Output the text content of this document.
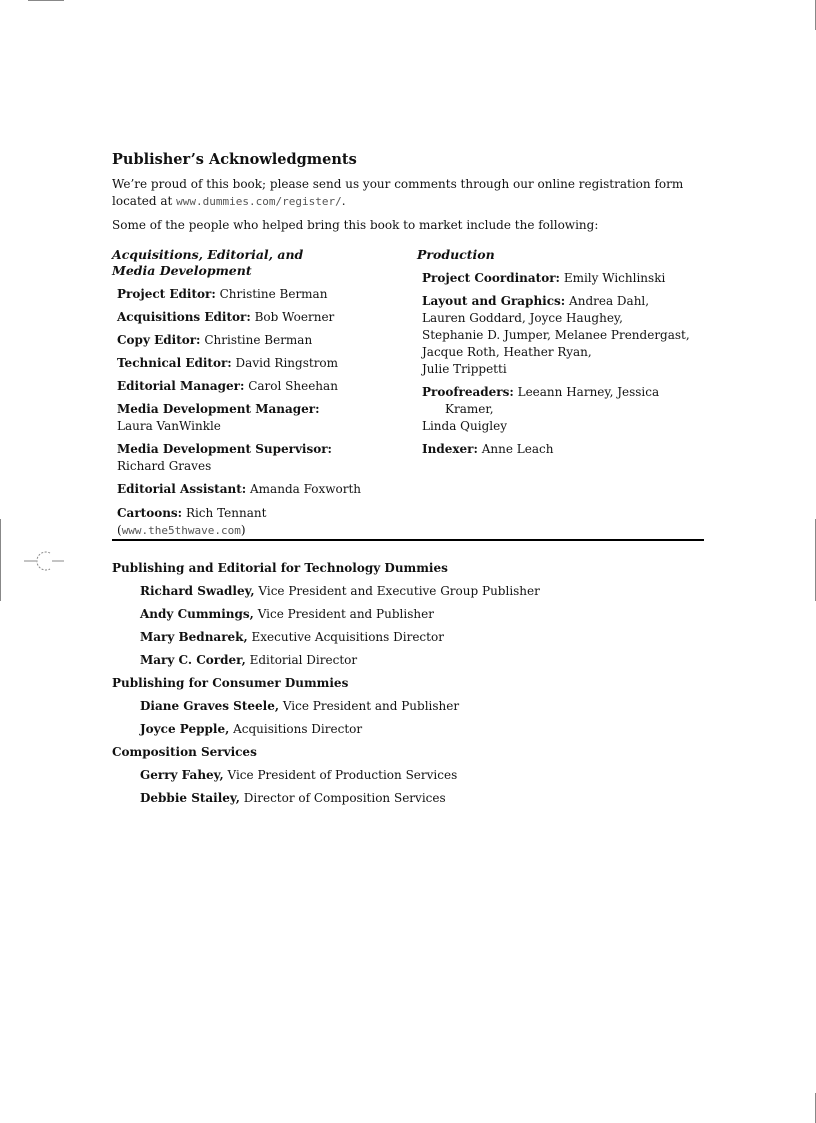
Publisher’s Acknowledgments

We’re proud of this book; please send us your comments through our online registration form located at www.dummies.com/register/.

Some of the people who helped bring this book to market include the following:

Acquisitions, Editorial, and
Media Development
Project Editor: Christine Berman
Acquisitions Editor: Bob Woerner
Copy Editor: Christine Berman
Technical Editor: David Ringstrom
Editorial Manager: Carol Sheehan
Media Development Manager:
Laura VanWinkle
Media Development Supervisor:
Richard Graves
Editorial Assistant: Amanda Foxworth
Cartoons: Rich Tennant
(www.the5thwave.com)
Production
Project Coordinator: Emily Wichlinski
Layout and Graphics: Andrea Dahl,
Lauren Goddard, Joyce Haughey,
Stephanie D. Jumper, Melanee Prendergast,
Jacque Roth, Heather Ryan,
Julie Trippetti
Proofreaders: Leeann Harney, Jessica Kramer,
Linda Quigley
Indexer: Anne Leach
Publishing and Editorial for Technology Dummies
Richard Swadley, Vice President and Executive Group Publisher
Andy Cummings, Vice President and Publisher
Mary Bednarek, Executive Acquisitions Director
Mary C. Corder, Editorial Director
Publishing for Consumer Dummies
Diane Graves Steele, Vice President and Publisher
Joyce Pepple, Acquisitions Director
Composition Services
Gerry Fahey, Vice President of Production Services
Debbie Stailey, Director of Composition Services
